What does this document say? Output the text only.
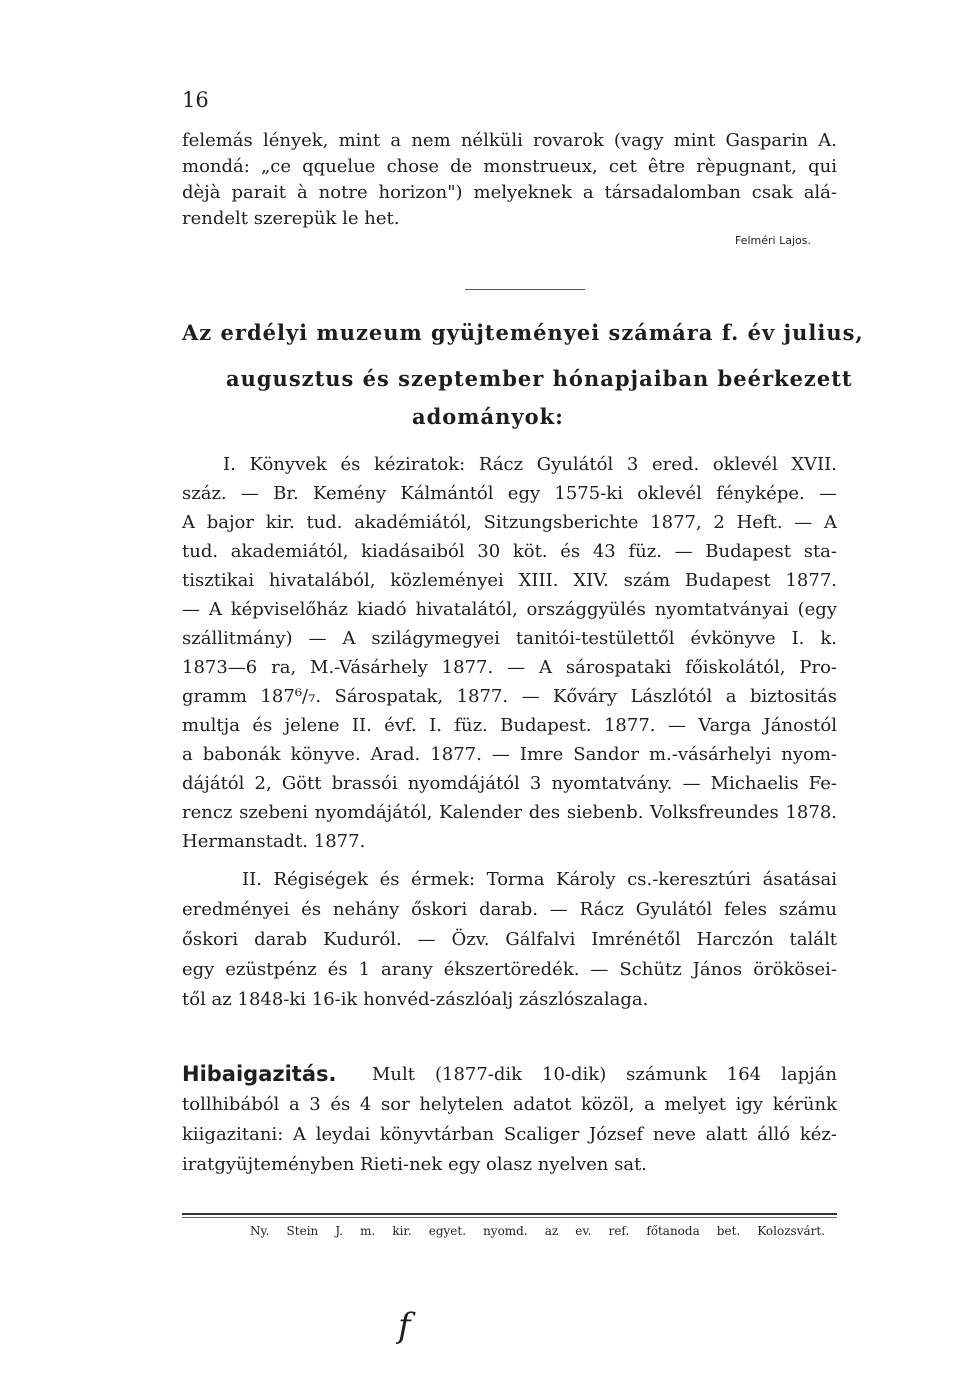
16
felemás lények, mint a nem nélküli rovarok (vagy mint Gasparin A.
mondá: „ce qquelue chose de monstrueux, cet être rèpugnant, qui
dèjà parait à notre horizon") melyeknek a társadalomban csak alá-
rendelt szerepük le het.
Felméri Lajos.
Az erdélyi muzeum gyüjteményei számára f. év julius,
augusztus és szeptember hónapjaiban beérkezett
adományok:
I. Könyvek és kéziratok: Rácz Gyulától 3 ered. oklevél XVII.
száz. — Br. Kemény Kálmántól egy 1575-ki oklevél fényképe. —
A bajor kir. tud. akadémiától, Sitzungsberichte 1877, 2 Heft. — A
tud. akademiától, kiadásaiból 30 köt. és 43 füz. — Budapest sta-
tisztikai hivatalából, közleményei XIII. XIV. szám Budapest 1877.
— A képviselőház kiadó hivatalától, országgyülés nyomtatványai (egy
szállitmány) — A szilágymegyei tanitói-testülettől évkönyve I. k.
1873—6 ra, M.-Vásárhely 1877. — A sárospataki főiskolától, Pro-
gramm 187⁶/₇. Sárospatak, 1877. — Kőváry Lászlótól a biztositás
multja és jelene II. évf. I. füz. Budapest. 1877. — Varga Jánostól
a babonák könyve. Arad. 1877. — Imre Sandor m.-vásárhelyi nyom-
dájától 2, Gött brassói nyomdájától 3 nyomtatvány. — Michaelis Fe-
rencz szebeni nyomdájától, Kalender des siebenb. Volksfreundes 1878.
Hermanstadt. 1877.
II. Régiségek és érmek: Torma Károly cs.-keresztúri ásatásai
eredményei és nehány őskori darab. — Rácz Gyulától feles számu
őskori darab Kuduról. — Özv. Gálfalvi Imrénétől Harczón talált
egy ezüstpénz és 1 arany ékszertöredék. — Schütz János örökösei-
től az 1848-ki 16-ik honvéd-zászlóalj zászlószalaga.
Hibaigazitás. Mult (1877-dik 10-dik) számunk 164 lapján
tollhibából a 3 és 4 sor helytelen adatot közöl, a melyet igy kérünk
kiigazitani: A leydai könyvtárban Scaliger József neve alatt álló kéz-
iratgyüjteményben Rieti-nek egy olasz nyelven sat.
Ny. Stein J. m. kir. egyet. nyomd. az ev. ref. főtanoda bet. Kolozsvárt.
f
